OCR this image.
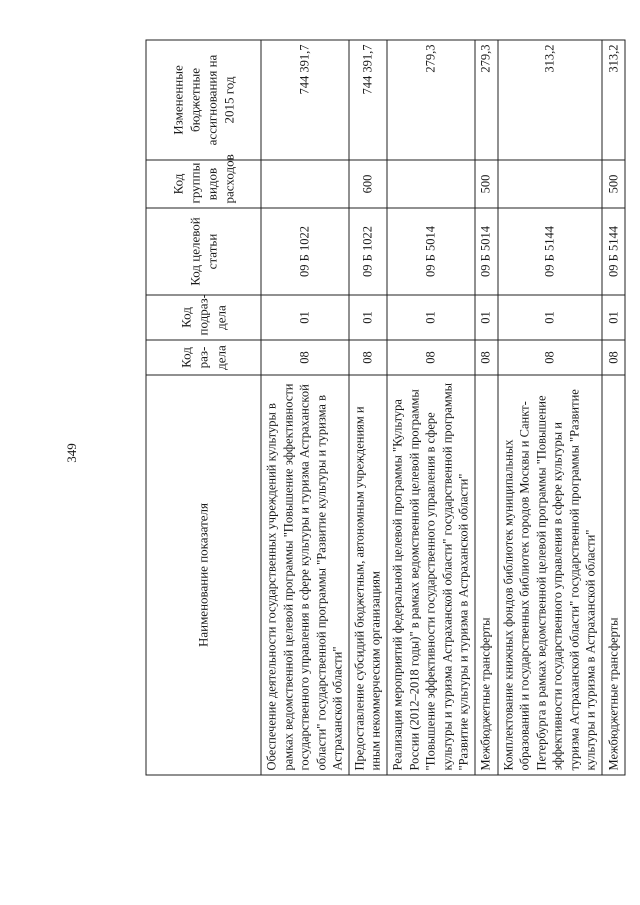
349
Наименование показателя	Код раз-дела	Код подраз-дела	Код целевой статьи	Код группы видов расходов	Измененные бюджетные ассигнования на 2015 год
Обеспечение деятельности государственных учреждений культуры в рамках ведомственной целевой программы "Повышение эффективности государственного управления в сфере культуры и туризма Астраханской области" государственной программы "Развитие культуры и туризма в Астраханской области"	08	01	09 Б 1022		744 391,7
Предоставление субсидий бюджетным, автономным учреждениям и иным некоммерческим организациям	08	01	09 Б 1022	600	744 391,7
Реализация мероприятий федеральной целевой программы "Культура России (2012–2018 годы)" в рамках ведомственной целевой программы "Повышение эффективности государственного управления в сфере культуры и туризма Астраханской области" государственной программы "Развитие культуры и туризма в Астраханской области"	08	01	09 Б 5014		279,3
Межбюджетные трансферты	08	01	09 Б 5014	500	279,3
Комплектование книжных фондов библиотек муниципальных образований и государственных библиотек городов Москвы и Санкт-Петербурга в рамках ведомственной целевой программы "Повышение эффективности государственного управления в сфере культуры и туризма Астраханской области" государственной программы "Развитие культуры и туризма в Астраханской области"	08	01	09 Б 5144		313,2
Межбюджетные трансферты	08	01	09 Б 5144	500	313,2
